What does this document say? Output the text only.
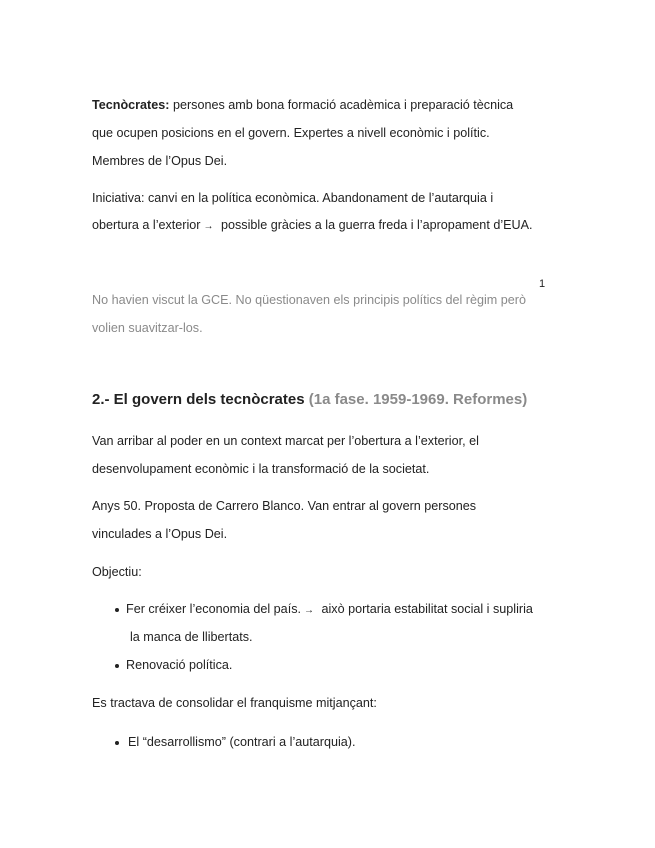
Tecnòcrates: persones amb bona formació acadèmica i preparació tècnica
que ocupen posicions en el govern. Expertes a nivell econòmic i polític.
Membres de l’Opus Dei.
Iniciativa: canvi en la política econòmica. Abandonament de l’autarquia i
obertura a l’exterior → possible gràcies a la guerra freda i l’apropament d’EUA.
1
No havien viscut la GCE. No qüestionaven els principis polítics del règim però
volien suavitzar-los.
2.- El govern dels tecnòcrates (1a fase. 1959-1969. Reformes)
Van arribar al poder en un context marcat per l’obertura a l’exterior, el
desenvolupament econòmic i la transformació de la societat.
Anys 50. Proposta de Carrero Blanco. Van entrar al govern persones
vinculades a l’Opus Dei.
Objectiu:
Fer créixer l’economia del país. → això portaria estabilitat social i supliria
la manca de llibertats.
Renovació política.
Es tractava de consolidar el franquisme mitjançant:
El “desarrollismo” (contrari a l’autarquia).
